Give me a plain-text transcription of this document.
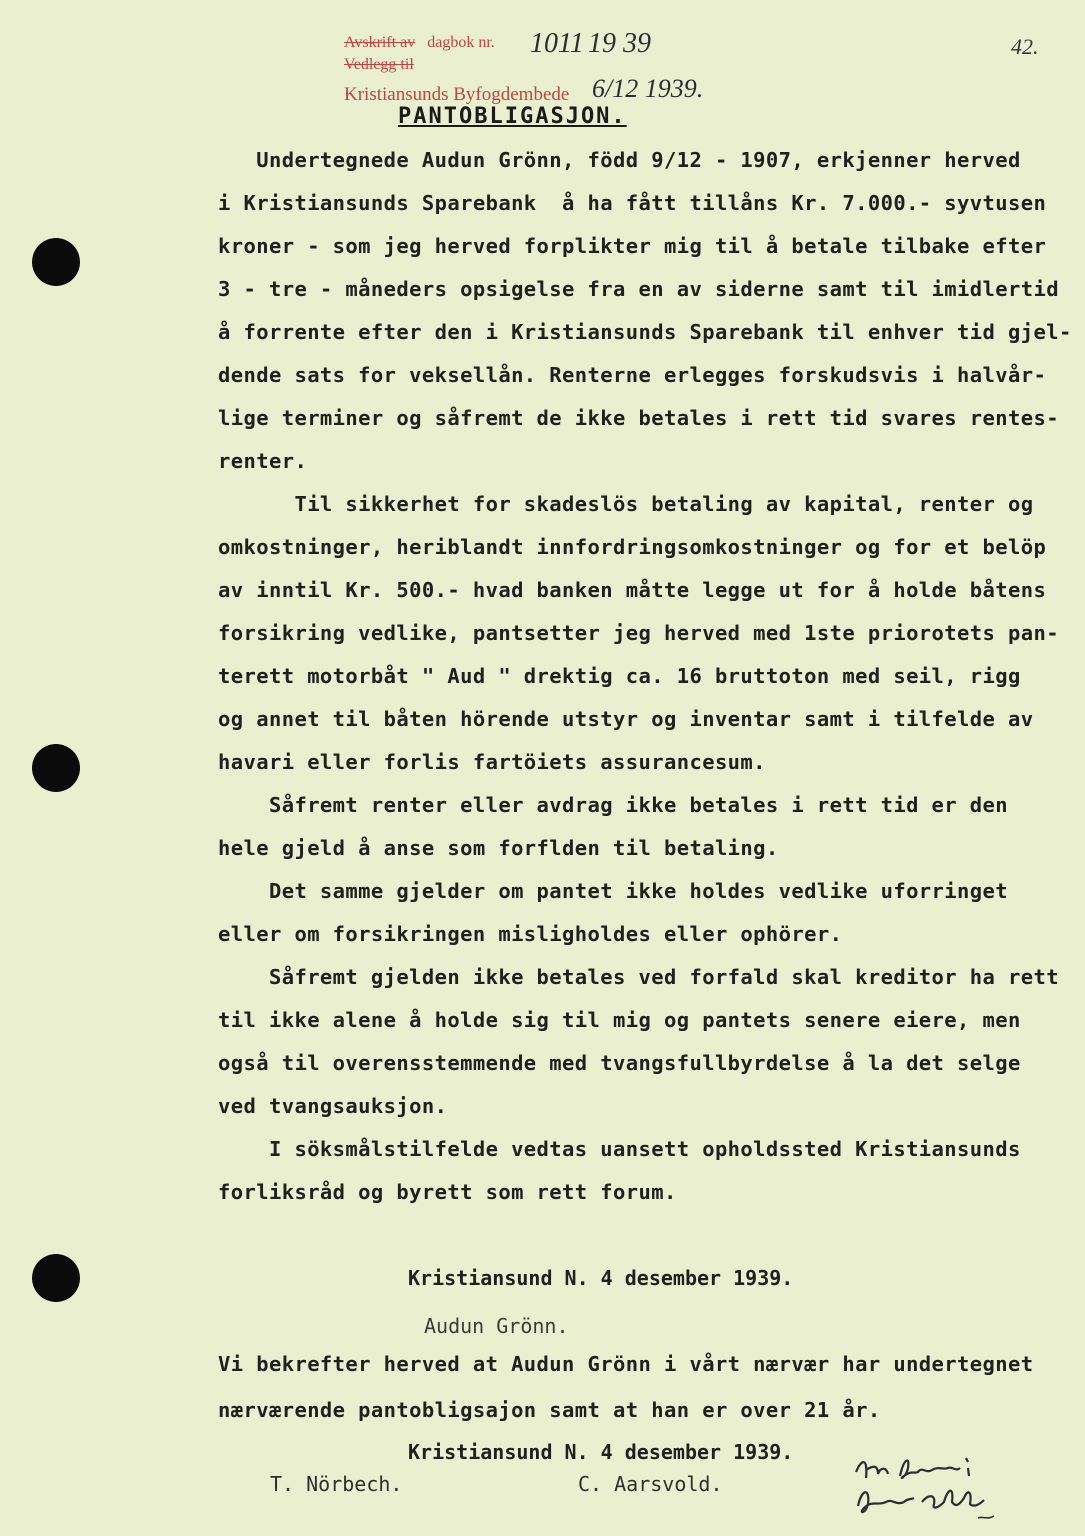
Avskrift av dagbok nr.
Vedlegg til
Kristiansunds Byfogdembede
1011 19 39
6/12 1939.
42.
PANTOBLIGASJON.

Undertegnede Audun Grönn, född 9/12 - 1907, erkjenner herved

i Kristiansunds Sparebank  å ha fått tillåns Kr. 7.000.- syvtusen

kroner - som jeg herved forplikter mig til å betale tilbake efter

3 - tre - måneders opsigelse fra en av siderne samt til imidlertid

å forrente efter den i Kristiansunds Sparebank til enhver tid gjel-

dende sats for veksellån. Renterne erlegges forskudsvis i halvår-

lige terminer og såfremt de ikke betales i rett tid svares rentes-

renter.

Til sikkerhet for skadeslös betaling av kapital, renter og

omkostninger, heriblandt innfordringsomkostninger og for et belöp

av inntil Kr. 500.- hvad banken måtte legge ut for å holde båtens

forsikring vedlike, pantsetter jeg herved med 1ste priorotets pan-

terett motorbåt " Aud " drektig ca. 16 bruttoton med seil, rigg

og annet til båten hörende utstyr og inventar samt i tilfelde av

havari eller forlis fartöiets assurancesum.

Såfremt renter eller avdrag ikke betales i rett tid er den

hele gjeld å anse som forflden til betaling.

Det samme gjelder om pantet ikke holdes vedlike uforringet

eller om forsikringen misligholdes eller ophörer.

Såfremt gjelden ikke betales ved forfald skal kreditor ha rett

til ikke alene å holde sig til mig og pantets senere eiere, men

også til overensstemmende med tvangsfullbyrdelse å la det selge

ved tvangsauksjon.

I söksmålstilfelde vedtas uansett opholdssted Kristiansunds

forliksråd og byrett som rett forum.

Kristiansund N. 4 desember 1939.
Audun Grönn.

Vi bekrefter herved at Audun Grönn i vårt nærvær har undertegnet

nærværende pantobligsajon samt at han er over 21 år.

Kristiansund N. 4 desember 1939.
T. Nörbech.	C. Aarsvold.
